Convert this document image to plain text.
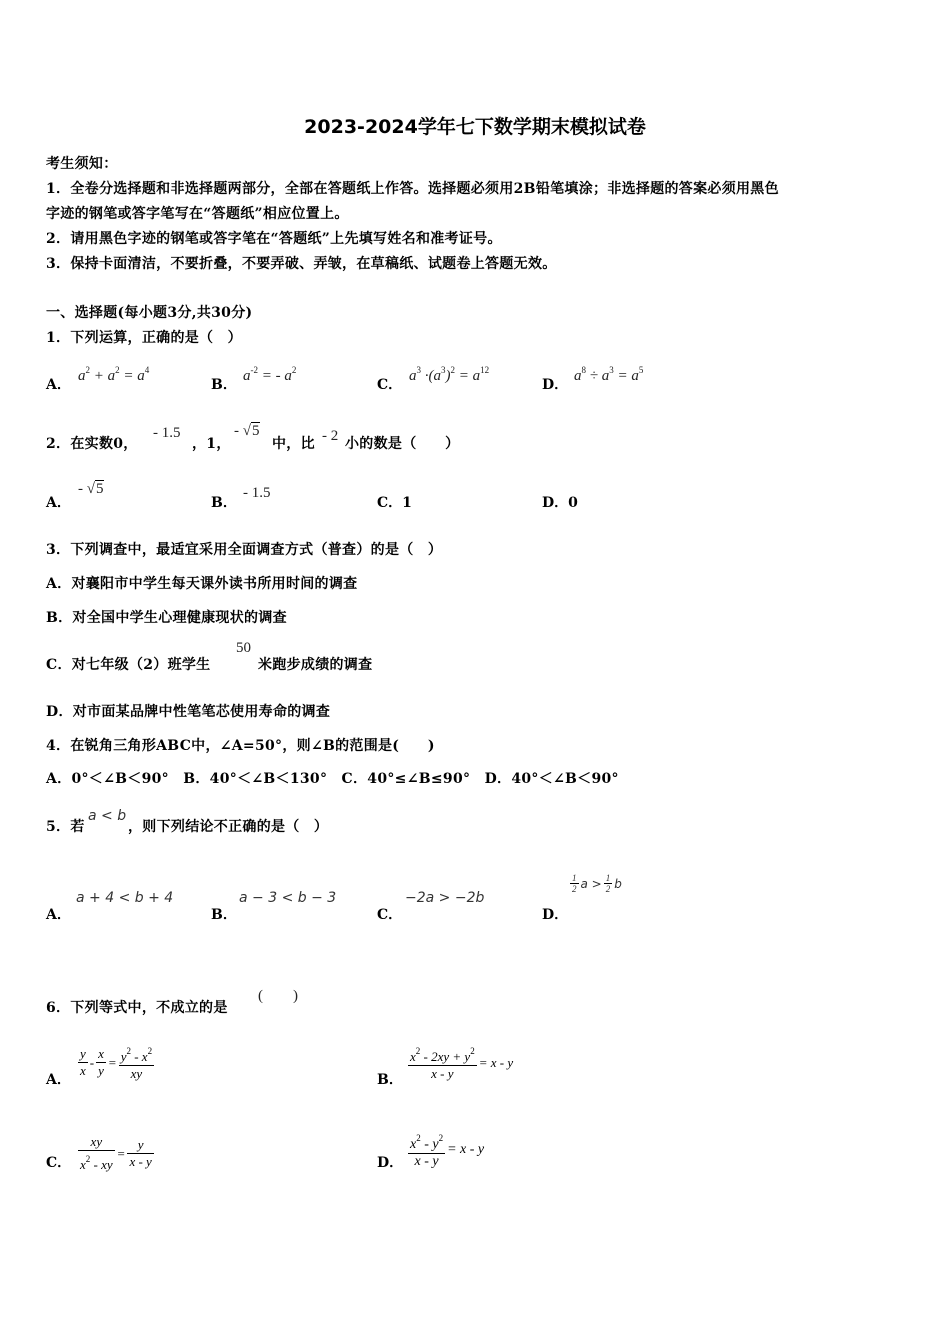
2023-2024学年七下数学期末模拟试卷
考生须知：
1．全卷分选择题和非选择题两部分，全部在答题纸上作答。选择题必须用2B铅笔填涂；非选择题的答案必须用黑色
字迹的钢笔或答字笔写在“答题纸”相应位置上。
2．请用黑色字迹的钢笔或答字笔在“答题纸”上先填写姓名和准考证号。
3．保持卡面清洁，不要折叠，不要弄破、弄皱，在草稿纸、试题卷上答题无效。
一、选择题(每小题3分,共30分)
1．下列运算，正确的是（　）
A．
$a^2 + a^2 = a^4$
B．
$a^{-2}$ = - $a^2$
C．
$a^3 \cdot(a^3)^2 = a^{12}$
D．
$a^8 \div a^3 = a^5$
2．在实数0，
- 1.5
，1，
- √5
中，比 - 2 小的数是（　　）
A．
- √5
B．
- 1.5
C．1	D．0
3．下列调查中，最适宜采用全面调查方式（普查）的是（　）
A．对襄阳市中学生每天课外读书所用时间的调查
B．对全国中学生心理健康现状的调查
C．对七年级（2）班学生
50
米跑步成绩的调查
D．对市面某品牌中性笔笔芯使用寿命的调查
4．在锐角三角形ABC中，∠A=50°，则∠B的范围是(　　)
A．0°＜∠B＜90°　B．40°＜∠B＜130°　C．40°≤∠B≤90°　D．40°＜∠B＜90°
5．若
a < b
，则下列结论不正确的是（　）
A．
a + 4 < b + 4
B．
a − 3 < b − 3
C．
−2a > −2b
D．
$\frac{1}{2}$ $a > \frac{1}{2}$ b
6．下列等式中，不成立的是
(　　)
A．
$\frac{y}{x} - \frac{x}{y} = \frac{y^2 - x^2}{xy}$	B． $\frac{x^2 - 2xy + y^2}{x - y} = x - y$
C． $\frac{xy}{x^2 - xy} = \frac{y}{x - y}$	D． $\frac{x^2 - y^2}{x - y} = x - y$
